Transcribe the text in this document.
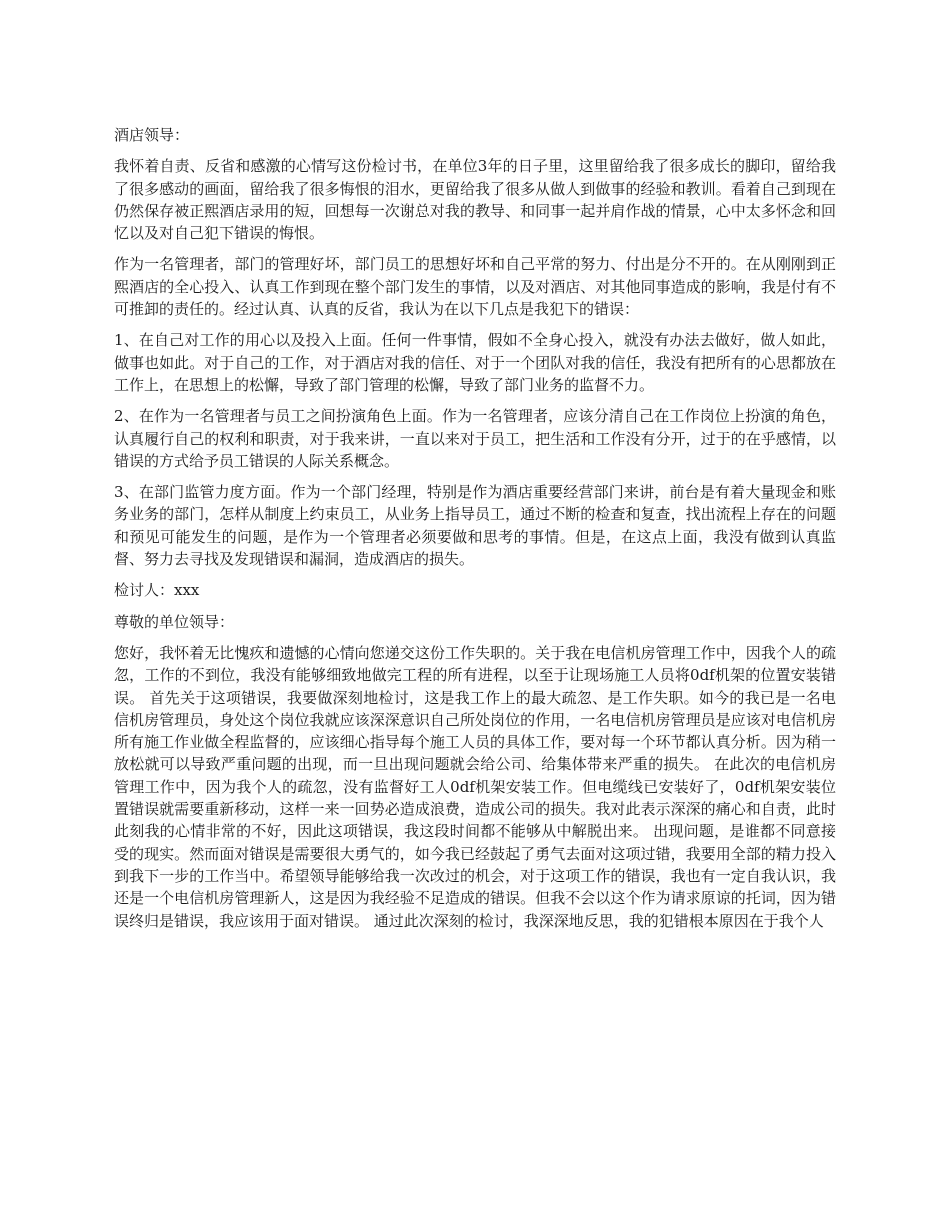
酒店领导：

我怀着自责、反省和感激的心情写这份检讨书，在单位3年的日子里，这里留给我了很多成长的脚印，留给我了很多感动的画面，留给我了很多悔恨的泪水，更留给我了很多从做人到做事的经验和教训。看着自己到现在仍然保存被正熙酒店录用的短，回想每一次谢总对我的教导、和同事一起并肩作战的情景，心中太多怀念和回忆以及对自己犯下错误的悔恨。

作为一名管理者，部门的管理好坏，部门员工的思想好坏和自己平常的努力、付出是分不开的。在从刚刚到正熙酒店的全心投入、认真工作到现在整个部门发生的事情，以及对酒店、对其他同事造成的影响，我是付有不可推卸的责任的。经过认真、认真的反省，我认为在以下几点是我犯下的错误：

1、在自己对工作的用心以及投入上面。任何一件事情，假如不全身心投入，就没有办法去做好，做人如此，做事也如此。对于自己的工作，对于酒店对我的信任、对于一个团队对我的信任，我没有把所有的心思都放在工作上，在思想上的松懈，导致了部门管理的松懈，导致了部门业务的监督不力。

2、在作为一名管理者与员工之间扮演角色上面。作为一名管理者，应该分清自己在工作岗位上扮演的角色，认真履行自己的权利和职责，对于我来讲，一直以来对于员工，把生活和工作没有分开，过于的在乎感情，以错误的方式给予员工错误的人际关系概念。

3、在部门监管力度方面。作为一个部门经理，特别是作为酒店重要经营部门来讲，前台是有着大量现金和账务业务的部门，怎样从制度上约束员工，从业务上指导员工，通过不断的检查和复查，找出流程上存在的问题和预见可能发生的问题，是作为一个管理者必须要做和思考的事情。但是，在这点上面，我没有做到认真监督、努力去寻找及发现错误和漏洞，造成酒店的损失。

检讨人：xxx

尊敬的单位领导：

您好，我怀着无比愧疚和遗憾的心情向您递交这份工作失职的。关于我在电信机房管理工作中，因我个人的疏忽，工作的不到位，我没有能够细致地做完工程的所有进程，以至于让现场施工人员将0df机架的位置安装错误。 首先关于这项错误，我要做深刻地检讨，这是我工作上的最大疏忽、是工作失职。如今的我已是一名电信机房管理员，身处这个岗位我就应该深深意识自己所处岗位的作用，一名电信机房管理员是应该对电信机房所有施工作业做全程监督的，应该细心指导每个施工人员的具体工作，要对每一个环节都认真分析。因为稍一放松就可以导致严重问题的出现，而一旦出现问题就会给公司、给集体带来严重的损失。 在此次的电信机房管理工作中，因为我个人的疏忽，没有监督好工人0df机架安装工作。但电缆线已安装好了，0df机架安装位置错误就需要重新移动，这样一来一回势必造成浪费，造成公司的损失。我对此表示深深的痛心和自责，此时此刻我的心情非常的不好，因此这项错误，我这段时间都不能够从中解脱出来。 出现问题，是谁都不同意接受的现实。然而面对错误是需要很大勇气的，如今我已经鼓起了勇气去面对这项过错，我要用全部的精力投入到我下一步的工作当中。希望领导能够给我一次改过的机会，对于这项工作的错误，我也有一定自我认识，我还是一个电信机房管理新人，这是因为我经验不足造成的错误。但我不会以这个作为请求原谅的托词，因为错误终归是错误，我应该用于面对错误。 通过此次深刻的检讨，我深深地反思，我的犯错根本原因在于我个人
